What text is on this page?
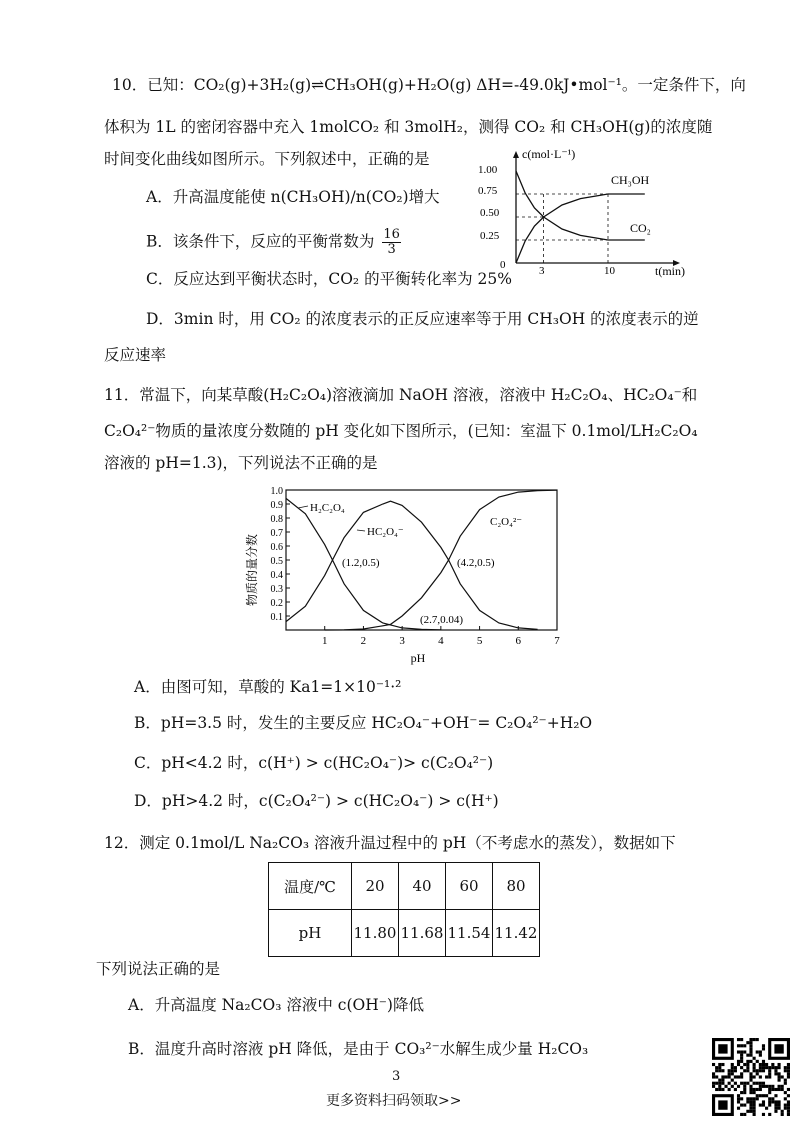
10．已知：CO₂(g)+3H₂(g)⇌CH₃OH(g)+H₂O(g) ΔH=-49.0kJ•mol⁻¹。一定条件下，向
体积为 1L 的密闭容器中充入 1molCO₂ 和 3molH₂，测得 CO₂ 和 CH₃OH(g)的浓度随
时间变化曲线如图所示。下列叙述中，正确的是
A．升高温度能使 n(CH₃OH)/n(CO₂)增大
B．该条件下，反应的平衡常数为 $\frac{16}{3}$
C．反应达到平衡状态时，CO₂ 的平衡转化率为 25%
D．3min 时，用 CO₂ 的浓度表示的正反应速率等于用 CH₃OH 的浓度表示的逆
反应速率
c(mol·L⁻¹)
t(min)
1.00
0.75
0.50
0.25
0	3	10
CH₃OH
CO₂
11．常温下，向某草酸(H₂C₂O₄)溶液滴加 NaOH 溶液，溶液中 H₂C₂O₄、HC₂O₄⁻和
C₂O₄²⁻物质的量浓度分数随的 pH 变化如下图所示，(已知：室温下 0.1mol/LH₂C₂O₄
溶液的 pH=1.3)，下列说法不正确的是
物质的量分数
pH
1	2	3	4	5	6	7
0.1
0.2
0.3
0.4
0.5
0.6
0.7
0.8
0.9
1.0
H₂C₂O₄
HC₂O₄⁻
C₂O₄²⁻
(1.2,0.5)	(4.2,0.5)
(2.7,0.04)
A．由图可知，草酸的 Ka1=1×10⁻¹·²
B．pH=3.5 时，发生的主要反应 HC₂O₄⁻+OH⁻= C₂O₄²⁻+H₂O
C．pH<4.2 时，c(H⁺) > c(HC₂O₄⁻)> c(C₂O₄²⁻)
D．pH>4.2 时，c(C₂O₄²⁻) > c(HC₂O₄⁻) > c(H⁺)
12．测定 0.1mol/L Na₂CO₃ 溶液升温过程中的 pH（不考虑水的蒸发），数据如下
温度/℃	20	40	60	80
pH	11.80	11.68	11.54	11.42
下列说法正确的是
A．升高温度 Na₂CO₃ 溶液中 c(OH⁻)降低
B．温度升高时溶液 pH 降低，是由于 CO₃²⁻水解生成少量 H₂CO₃
3
更多资料扫码领取>>
